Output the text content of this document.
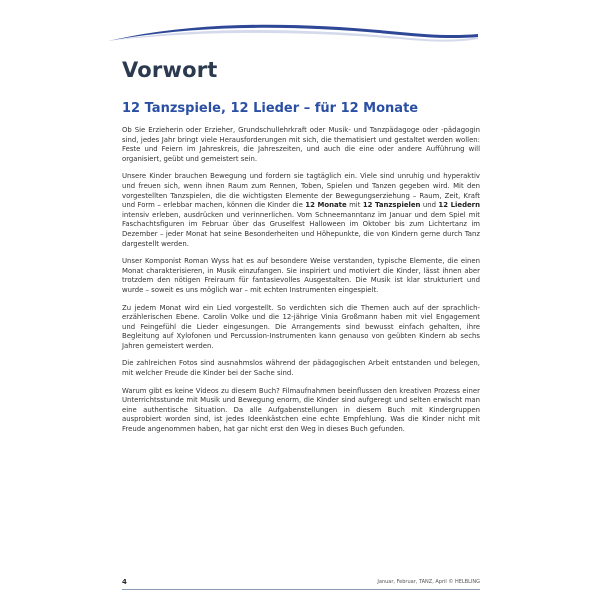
Vorwort
12 Tanzspiele, 12 Lieder – für 12 Monate

Ob Sie Erzieherin oder Erzieher, Grundschullehrkraft oder Musik- und Tanzpädagoge oder -pädagogin sind, jedes Jahr bringt viele Herausforderungen mit sich, die thematisiert und gestaltet werden wollen: Feste und Feiern im Jahreskreis, die Jahreszeiten, und auch die eine oder andere Aufführung will organisiert, geübt und gemeistert sein.

Unsere Kinder brauchen Bewegung und fordern sie tagtäglich ein. Viele sind unruhig und hyperaktiv und freuen sich, wenn ihnen Raum zum Rennen, Toben, Spielen und Tanzen gegeben wird. Mit den vorgestellten Tanzspielen, die die wichtigsten Elemente der Bewegungserziehung – Raum, Zeit, Kraft und Form – erlebbar machen, können die Kinder die 12 Monate mit 12 Tanzspielen und 12 Liedern intensiv erleben, ausdrücken und verinnerlichen. Vom Schneemanntanz im Januar und dem Spiel mit Faschachtsfiguren im Februar über das Gruselfest Halloween im Oktober bis zum Lichtertanz im Dezember – jeder Monat hat seine Besonderheiten und Höhepunkte, die von Kindern gerne durch Tanz dargestellt werden.

Unser Komponist Roman Wyss hat es auf besondere Weise verstanden, typische Elemente, die einen Monat charakterisieren, in Musik einzufangen. Sie inspiriert und motiviert die Kinder, lässt ihnen aber trotzdem den nötigen Freiraum für fantasievolles Ausgestalten. Die Musik ist klar strukturiert und wurde – soweit es uns möglich war – mit echten Instrumenten eingespielt.

Zu jedem Monat wird ein Lied vorgestellt. So verdichten sich die Themen auch auf der sprachlich-erzählerischen Ebene. Carolin Volke und die 12-jährige Vinia Großmann haben mit viel Engagement und Feingefühl die Lieder eingesungen. Die Arrangements sind bewusst einfach gehalten, ihre Begleitung auf Xylofonen und Percussion-Instrumenten kann genauso von geübten Kindern ab sechs Jahren gemeistert werden.

Die zahlreichen Fotos sind ausnahmslos während der pädagogischen Arbeit entstanden und belegen, mit welcher Freude die Kinder bei der Sache sind.

Warum gibt es keine Videos zu diesem Buch? Filmaufnahmen beeinflussen den kreativen Prozess einer Unterrichtsstunde mit Musik und Bewegung enorm, die Kinder sind aufgeregt und selten erwischt man eine authentische Situation. Da alle Aufgabenstellungen in diesem Buch mit Kindergruppen ausprobiert worden sind, ist jedes Ideenkästchen eine echte Empfehlung. Was die Kinder nicht mit Freude angenommen haben, hat gar nicht erst den Weg in dieses Buch gefunden.

4	Januar, Februar, TANZ, April © HELBLING
